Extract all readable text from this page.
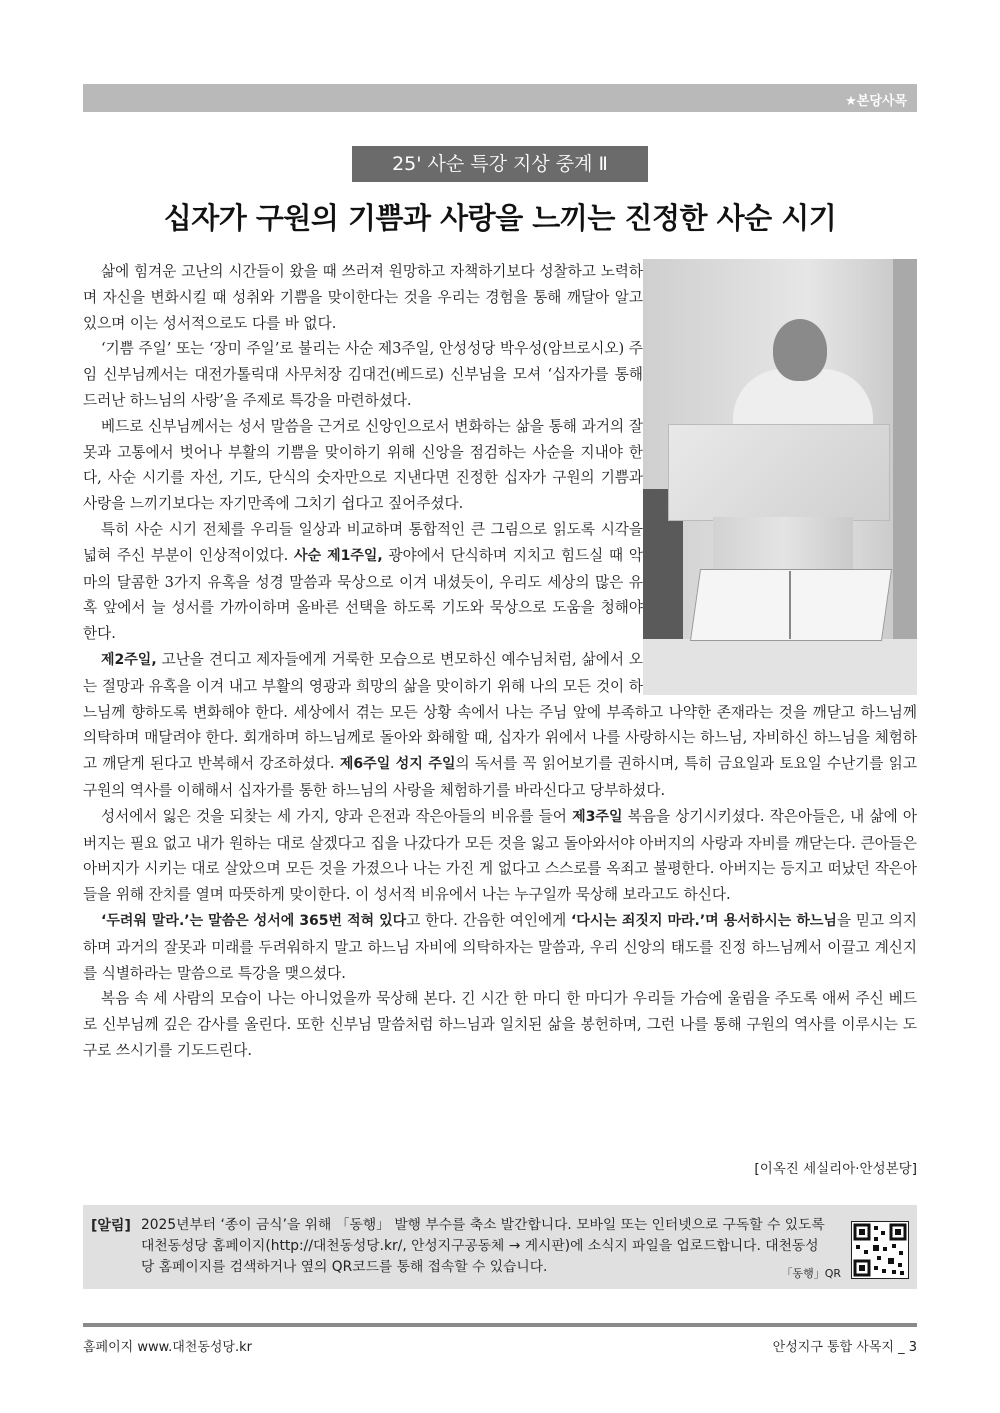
★본당사목
25' 사순 특강 지상 중계 Ⅱ
십자가 구원의 기쁨과 사랑을 느끼는 진정한 사순 시기

삶에 힘겨운 고난의 시간들이 왔을 때 쓰러져 원망하고 자책하기보다 성찰하고 노력하며 자신을 변화시킬 때 성취와 기쁨을 맞이한다는 것을 우리는 경험을 통해 깨달아 알고 있으며 이는 성서적으로도 다를 바 없다.

‘기쁨 주일’ 또는 ‘장미 주일’로 불리는 사순 제3주일, 안성성당 박우성(암브로시오) 주임 신부님께서는 대전가톨릭대 사무처장 김대건(베드로) 신부님을 모셔 ‘십자가를 통해 드러난 하느님의 사랑’을 주제로 특강을 마련하셨다.

베드로 신부님께서는 성서 말씀을 근거로 신앙인으로서 변화하는 삶을 통해 과거의 잘못과 고통에서 벗어나 부활의 기쁨을 맞이하기 위해 신앙을 점검하는 사순을 지내야 한다, 사순 시기를 자선, 기도, 단식의 숫자만으로 지낸다면 진정한 십자가 구원의 기쁨과 사랑을 느끼기보다는 자기만족에 그치기 쉽다고 짚어주셨다.

특히 사순 시기 전체를 우리들 일상과 비교하며 통합적인 큰 그림으로 읽도록 시각을 넓혀 주신 부분이 인상적이었다. 사순 제1주일, 광야에서 단식하며 지치고 힘드실 때 악마의 달콤한 3가지 유혹을 성경 말씀과 묵상으로 이겨 내셨듯이, 우리도 세상의 많은 유혹 앞에서 늘 성서를 가까이하며 올바른 선택을 하도록 기도와 묵상으로 도움을 청해야 한다.

제2주일, 고난을 견디고 제자들에게 거룩한 모습으로 변모하신 예수님처럼, 삶에서 오는 절망과 유혹을 이겨 내고 부활의 영광과 희망의 삶을 맞이하기 위해 나의 모든 것이 하느님께 향하도록 변화해야 한다. 세상에서 겪는 모든 상황 속에서 나는 주님 앞에 부족하고 나약한 존재라는 것을 깨닫고 하느님께 의탁하며 매달려야 한다. 회개하며 하느님께로 돌아와 화해할 때, 십자가 위에서 나를 사랑하시는 하느님, 자비하신 하느님을 체험하고 깨닫게 된다고 반복해서 강조하셨다. 제6주일 성지 주일의 독서를 꼭 읽어보기를 권하시며, 특히 금요일과 토요일 수난기를 읽고 구원의 역사를 이해해서 십자가를 통한 하느님의 사랑을 체험하기를 바라신다고 당부하셨다.

성서에서 잃은 것을 되찾는 세 가지, 양과 은전과 작은아들의 비유를 들어 제3주일 복음을 상기시키셨다. 작은아들은, 내 삶에 아버지는 필요 없고 내가 원하는 대로 살겠다고 집을 나갔다가 모든 것을 잃고 돌아와서야 아버지의 사랑과 자비를 깨닫는다. 큰아들은 아버지가 시키는 대로 살았으며 모든 것을 가졌으나 나는 가진 게 없다고 스스로를 옥죄고 불평한다. 아버지는 등지고 떠났던 작은아들을 위해 잔치를 열며 따뜻하게 맞이한다. 이 성서적 비유에서 나는 누구일까 묵상해 보라고도 하신다.

‘두려워 말라.’는 말씀은 성서에 365번 적혀 있다고 한다. 간음한 여인에게 ‘다시는 죄짓지 마라.’며 용서하시는 하느님을 믿고 의지하며 과거의 잘못과 미래를 두려워하지 말고 하느님 자비에 의탁하자는 말씀과, 우리 신앙의 태도를 진정 하느님께서 이끌고 계신지를 식별하라는 말씀으로 특강을 맺으셨다.

복음 속 세 사람의 모습이 나는 아니었을까 묵상해 본다. 긴 시간 한 마디 한 마디가 우리들 가슴에 울림을 주도록 애써 주신 베드로 신부님께 깊은 감사를 올린다. 또한 신부님 말씀처럼 하느님과 일치된 삶을 봉헌하며, 그런 나를 통해 구원의 역사를 이루시는 도구로 쓰시기를 기도드린다.

[이옥진 세실리아·안성본당]
[알림] 2025년부터 ‘종이 금식’을 위해 「동행」 발행 부수를 축소 발간합니다. 모바일 또는 인터넷으로 구독할 수 있도록 대천동성당 홈페이지(http://대천동성당.kr/, 안성지구공동체 → 게시판)에 소식지 파일을 업로드합니다. 대천동성당 홈페이지를 검색하거나 옆의 QR코드를 통해 접속할 수 있습니다.	「동행」QR
홈페이지 www.대천동성당.kr	안성지구 통합 사목지 _ 3
